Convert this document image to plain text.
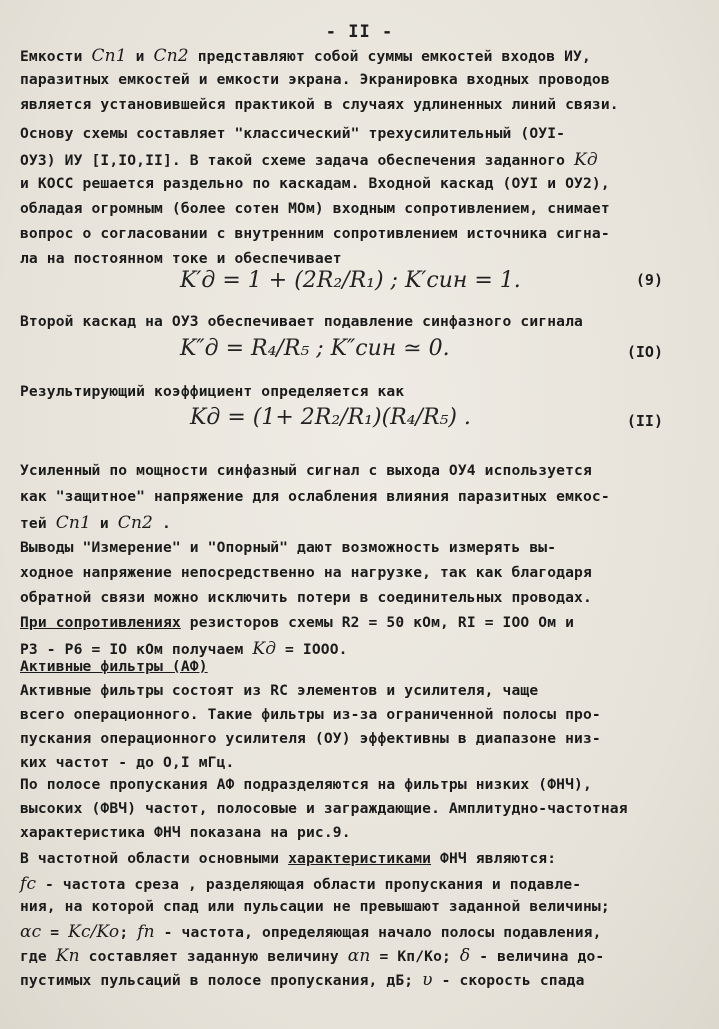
- II -
Емкости Сп1 и Сп2 представляют собой суммы емкостей входов ИУ,
паразитных емкостей и емкости экрана. Экранировка входных проводов
является установившейся практикой в случаях удлиненных линий связи.
Основу схемы составляет "классический" трехусилительный (ОУI-
ОУЗ) ИУ [I,IO,II]. В такой схеме задача обеспечения заданного Kд
и КОСС решается раздельно по каскадам. Входной каскад (ОУI и ОУ2),
обладая огромным (более сотен МОм) входным сопротивлением, снимает
вопрос о согласовании с внутренним сопротивлением источника сигна-
ла на постоянном токе и обеспечивает
Второй каскад на ОУЗ обеспечивает подавление синфазного сигнала
Результирующий коэффициент определяется как
Усиленный по мощности синфазный сигнал с выхода ОУ4 используется
как "защитное" напряжение для ослабления влияния паразитных емкос-
тей Сп1 и Сп2 .
Выводы "Измерение" и "Опорный" дают возможность измерять вы-
ходное напряжение непосредственно на нагрузке, так как благодаря
обратной связи можно исключить потери в соединительных проводах.
При сопротивлениях резисторов схемы R2 = 50 кОм, RI = IOO Ом и
Р3 - Р6 = IO кОм получаем Kд = IOOO.
Активные фильтры (АФ)
Активные фильтры состоят из RC элементов и усилителя, чаще
всего операционного. Такие фильтры из-за ограниченной полосы про-
пускания операционного усилителя (ОУ) эффективны в диапазоне низ-
ких частот - до O,I мГц.
По полосе пропускания АФ подразделяются на фильтры низких (ФНЧ),
высоких (ФВЧ) частот, полосовые и заграждающие. Амплитудно-частотная
характеристика ФНЧ показана на рис.9.
В частотной области основными характеристиками ФНЧ являются:
fc - частота среза , разделяющая области пропускания и подавле-
ния, на которой спад или пульсации не превышают заданной величины;
αc = Kc/Ko; fп - частота, определяющая начало полосы подавления,
где Kп составляет заданную величину αп = Kп/Ko; δ - величина до-
пустимых пульсаций в полосе пропускания, дБ; υ - скорость спада
K′д = 1 + (2R₂/R₁) ; K′син = 1.	(9)
K″д = R₄/R₅ ; K″син ≃ 0.	(IO)
Kд = (1+ 2R₂/R₁)(R₄/R₅) .	(II)
